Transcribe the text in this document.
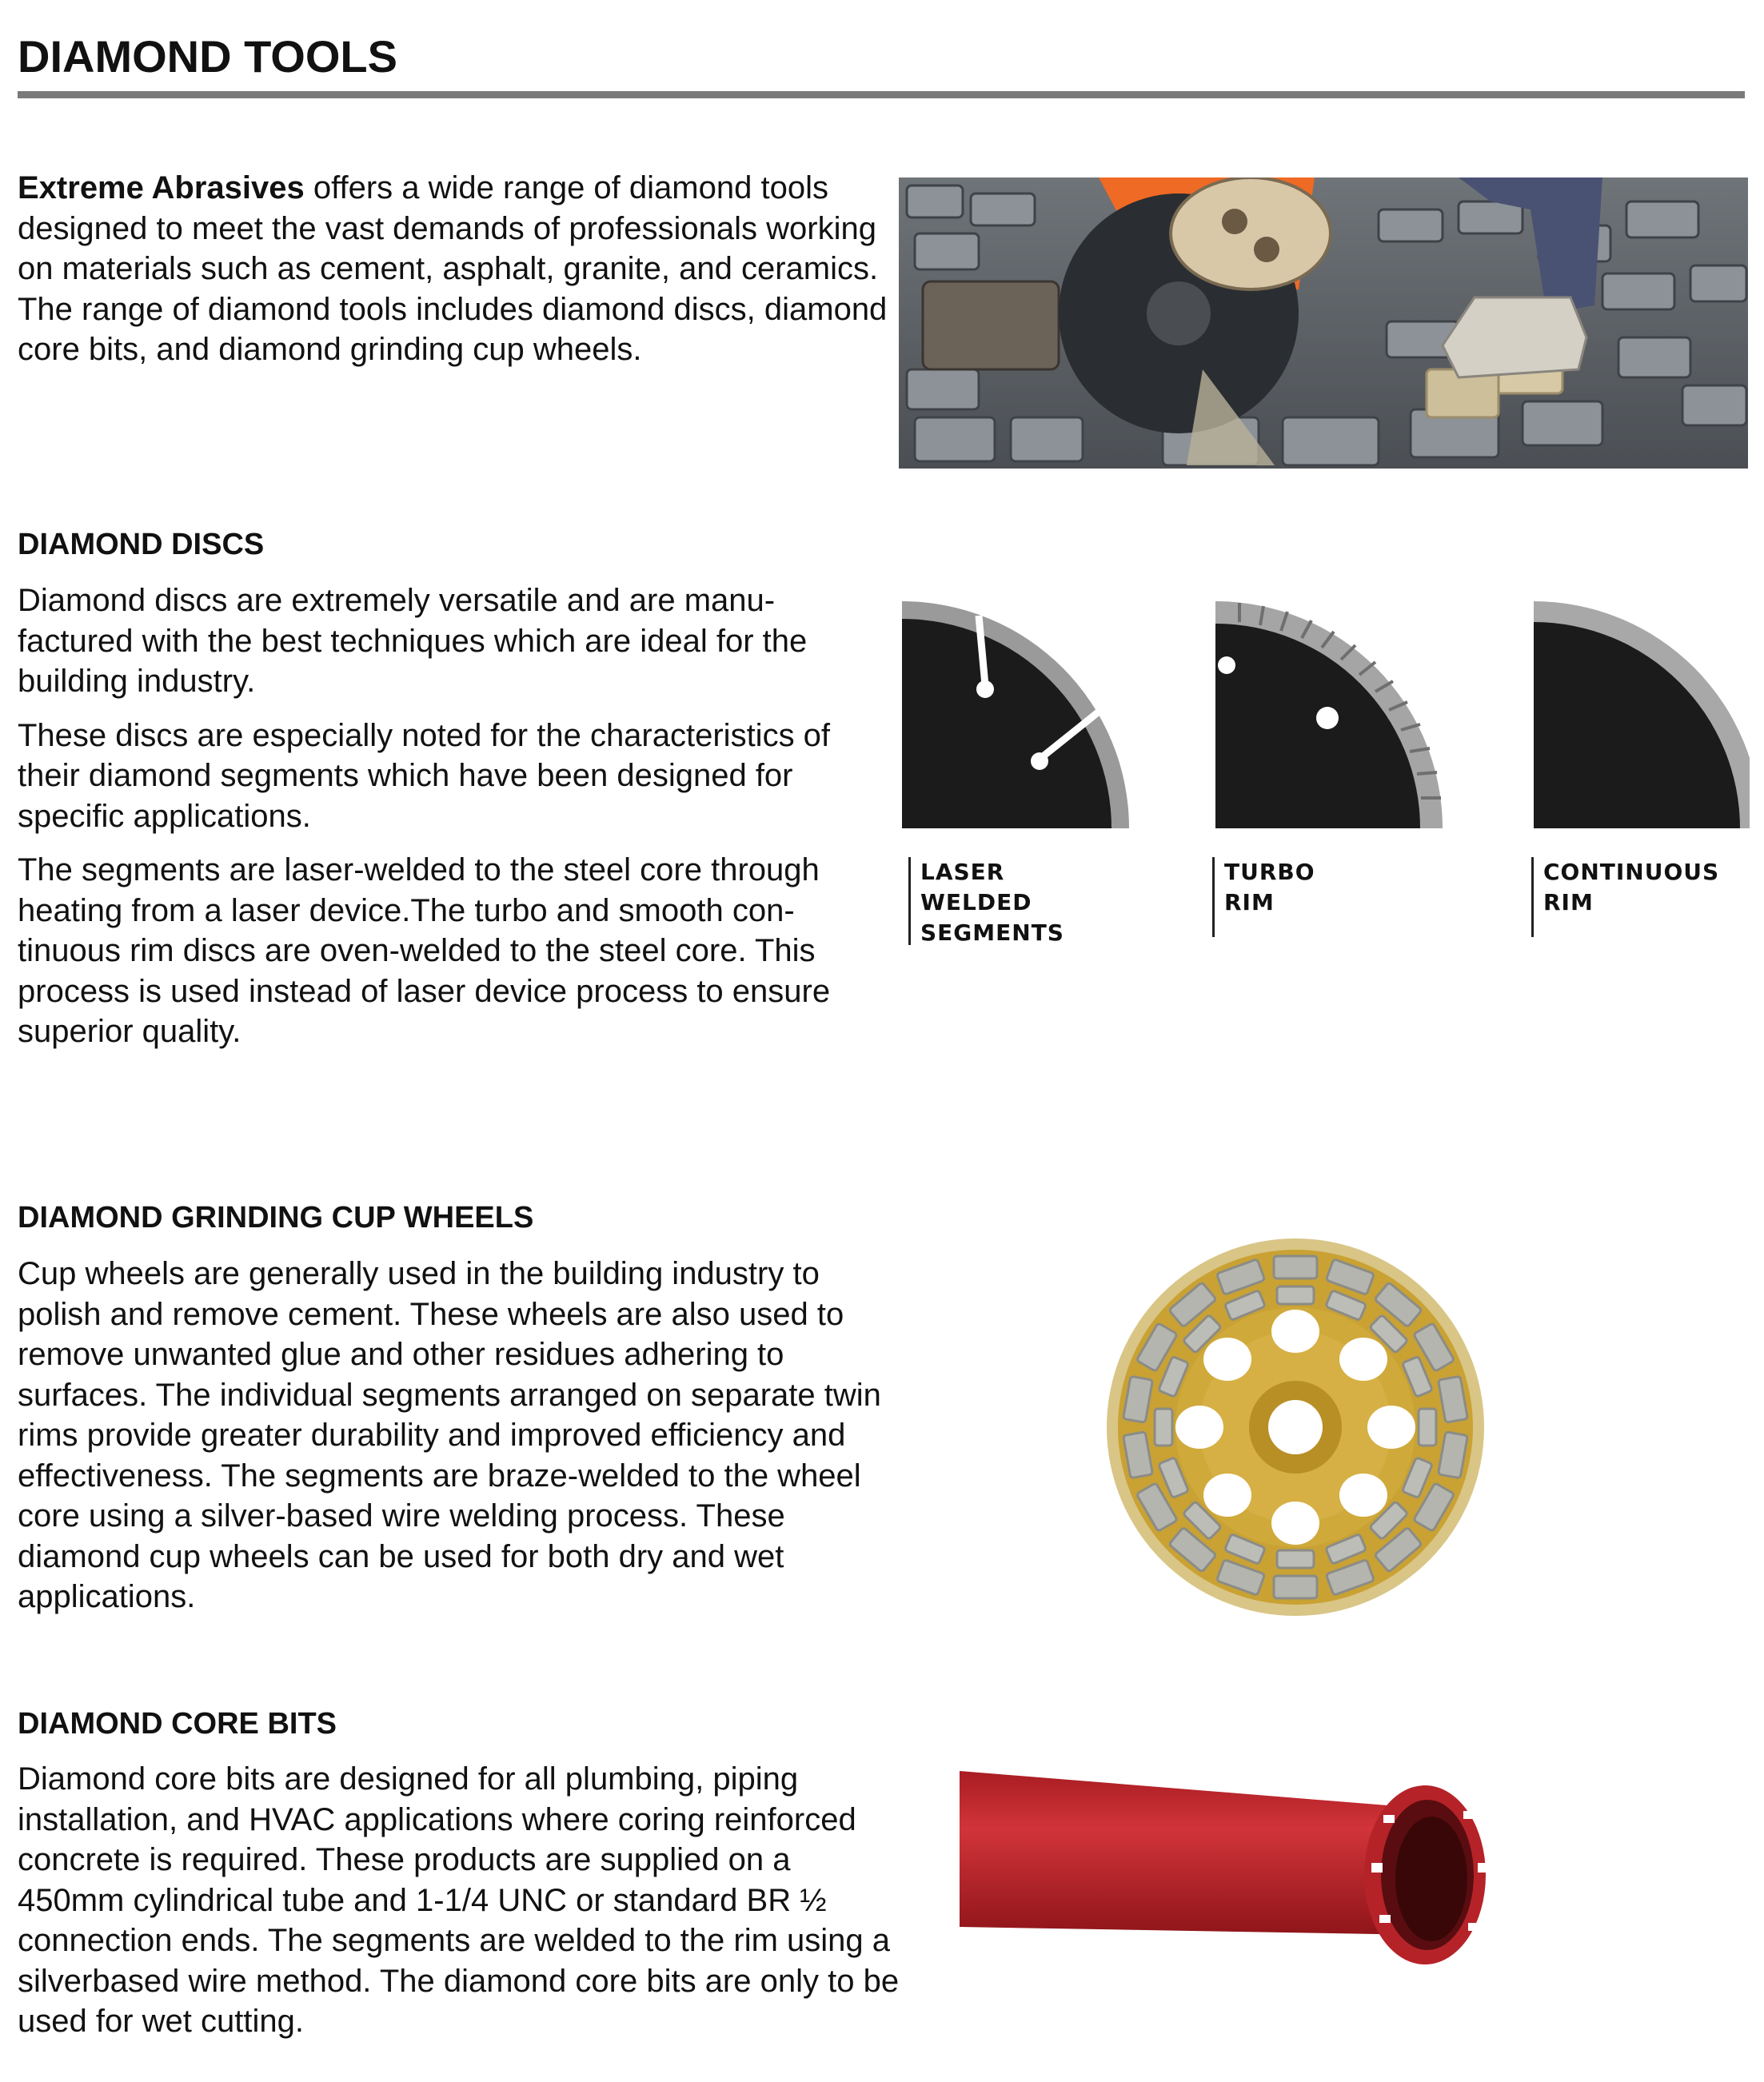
DIAMOND TOOLS

Extreme Abrasives offers a wide range of diamond tools designed to meet the vast demands of professionals working on materials such as cement, asphalt, granite, and ceramics. The range of diamond tools includes diamond discs, diamond core bits, and diamond grinding cup wheels.

DIAMOND DISCS

Diamond discs are extremely versatile and are manu-factured with the best techniques which are ideal for the building industry.

These discs are especially noted for the characteristics of their diamond segments which have been designed for specific applications.

The segments are laser-welded to the steel core through heating from a laser device.The turbo and smooth con-tinuous rim discs are oven-welded to the steel core. This process is used instead of laser device process to ensure superior quality.

LASER
WELDED
SEGMENTS
TURBO
RIM
CONTINUOUS
RIM
DIAMOND GRINDING CUP WHEELS

Cup wheels are generally used in the building industry to polish and remove cement. These wheels are also used to remove unwanted glue and other residues adhering to surfaces. The individual segments arranged on separate twin rims provide greater durability and improved efficiency and effectiveness. The segments are braze-welded to the wheel core using a silver-based wire welding process. These diamond cup wheels can be used for both dry and wet applications.

DIAMOND CORE BITS

Diamond core bits are designed for all plumbing, piping installation, and HVAC applications where coring reinforced concrete is required. These products are supplied on a 450mm cylindrical tube and 1-1/4 UNC or standard BR ½ connection ends. The segments are welded to the rim using a silverbased wire method. The diamond core bits are only to be used for wet cutting.
